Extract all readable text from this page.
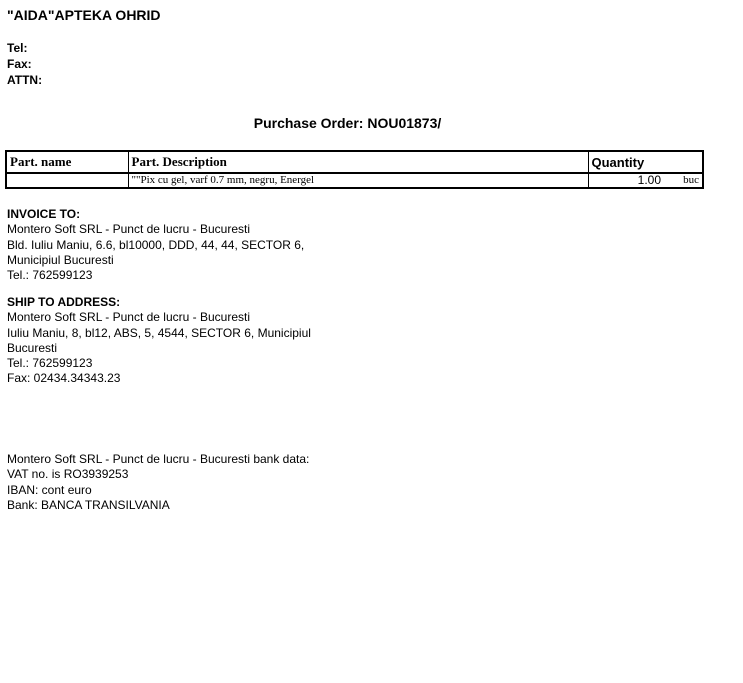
"AIDA"APTEKA OHRID
Tel:
Fax:
ATTN:
Purchase Order: NOU01873/
Part. name	Part. Description	Quantity
	""Pix cu gel, varf 0.7 mm, negru, Energel	1.00 buc
INVOICE TO:
Montero Soft SRL - Punct de lucru - Bucuresti
Bld. Iuliu Maniu, 6.6, bl10000, DDD, 44, 44, SECTOR 6,
Municipiul Bucuresti
Tel.: 762599123
SHIP TO ADDRESS:
Montero Soft SRL - Punct de lucru - Bucuresti
Iuliu Maniu, 8, bl12, ABS, 5, 4544, SECTOR 6, Municipiul
Bucuresti
Tel.: 762599123
Fax: 02434.34343.23
Montero Soft SRL - Punct de lucru - Bucuresti bank data:
VAT no. is RO3939253
IBAN: cont euro
Bank: BANCA TRANSILVANIA
